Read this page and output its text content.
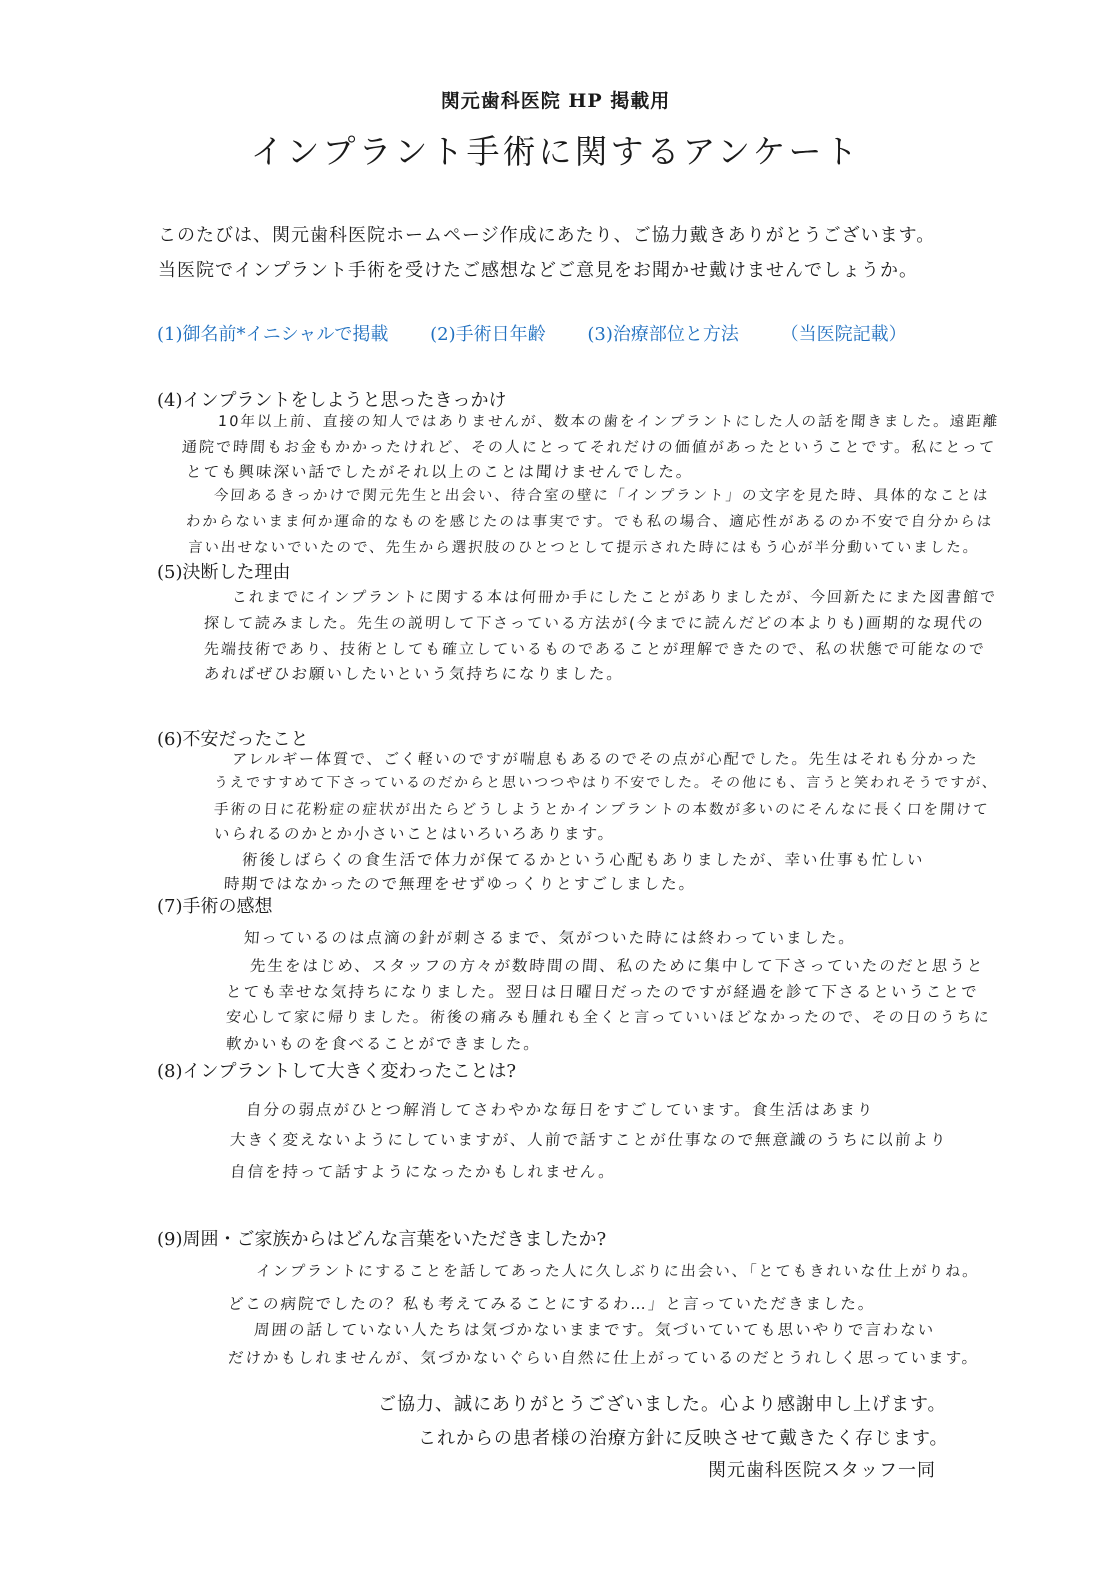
関元歯科医院 HP 掲載用
インプラント手術に関するアンケート
このたびは、関元歯科医院ホームページ作成にあたり、ご協力戴きありがとうございます。
当医院でインプラント手術を受けたご感想などご意見をお聞かせ戴けませんでしょうか。
(1)御名前*イニシャルで掲載 (2)手術日年齢 (3)治療部位と方法 （当医院記載）
(4)インプラントをしようと思ったきっかけ
10年以上前、直接の知人ではありませんが、数本の歯をインプラントにした人の話を聞きました。遠距離
通院で時間もお金もかかったけれど、その人にとってそれだけの価値があったということです。私にとって
とても興味深い話でしたがそれ以上のことは聞けませんでした。
今回あるきっかけで関元先生と出会い、待合室の壁に「インプラント」の文字を見た時、具体的なことは
わからないまま何か運命的なものを感じたのは事実です。でも私の場合、適応性があるのか不安で自分からは
言い出せないでいたので、先生から選択肢のひとつとして提示された時にはもう心が半分動いていました。
(5)決断した理由
これまでにインプラントに関する本は何冊か手にしたことがありましたが、今回新たにまた図書館で
探して読みました。先生の説明して下さっている方法が(今までに読んだどの本よりも)画期的な現代の
先端技術であり、技術としても確立しているものであることが理解できたので、私の状態で可能なので
あればぜひお願いしたいという気持ちになりました。
(6)不安だったこと
アレルギー体質で、ごく軽いのですが喘息もあるのでその点が心配でした。先生はそれも分かった
うえですすめて下さっているのだからと思いつつやはり不安でした。その他にも、言うと笑われそうですが、
手術の日に花粉症の症状が出たらどうしようとかインプラントの本数が多いのにそんなに長く口を開けて
いられるのかとか小さいことはいろいろあります。
術後しばらくの食生活で体力が保てるかという心配もありましたが、幸い仕事も忙しい
時期ではなかったので無理をせずゆっくりとすごしました。
(7)手術の感想
知っているのは点滴の針が刺さるまで、気がついた時には終わっていました。
先生をはじめ、スタッフの方々が数時間の間、私のために集中して下さっていたのだと思うと
とても幸せな気持ちになりました。翌日は日曜日だったのですが経過を診て下さるということで
安心して家に帰りました。術後の痛みも腫れも全くと言っていいほどなかったので、その日のうちに
軟かいものを食べることができました。
(8)インプラントして大きく変わったことは?
自分の弱点がひとつ解消してさわやかな毎日をすごしています。食生活はあまり
大きく変えないようにしていますが、人前で話すことが仕事なので無意識のうちに以前より
自信を持って話すようになったかもしれません。
(9)周囲・ご家族からはどんな言葉をいただきましたか?
インプラントにすることを話してあった人に久しぶりに出会い、「とてもきれいな仕上がりね。
どこの病院でしたの？私も考えてみることにするわ…」と言っていただきました。
周囲の話していない人たちは気づかないままです。気づいていても思いやりで言わない
だけかもしれませんが、気づかないぐらい自然に仕上がっているのだとうれしく思っています。
ご協力、誠にありがとうございました。心より感謝申し上げます。
これからの患者様の治療方針に反映させて戴きたく存じます。
関元歯科医院スタッフ一同
